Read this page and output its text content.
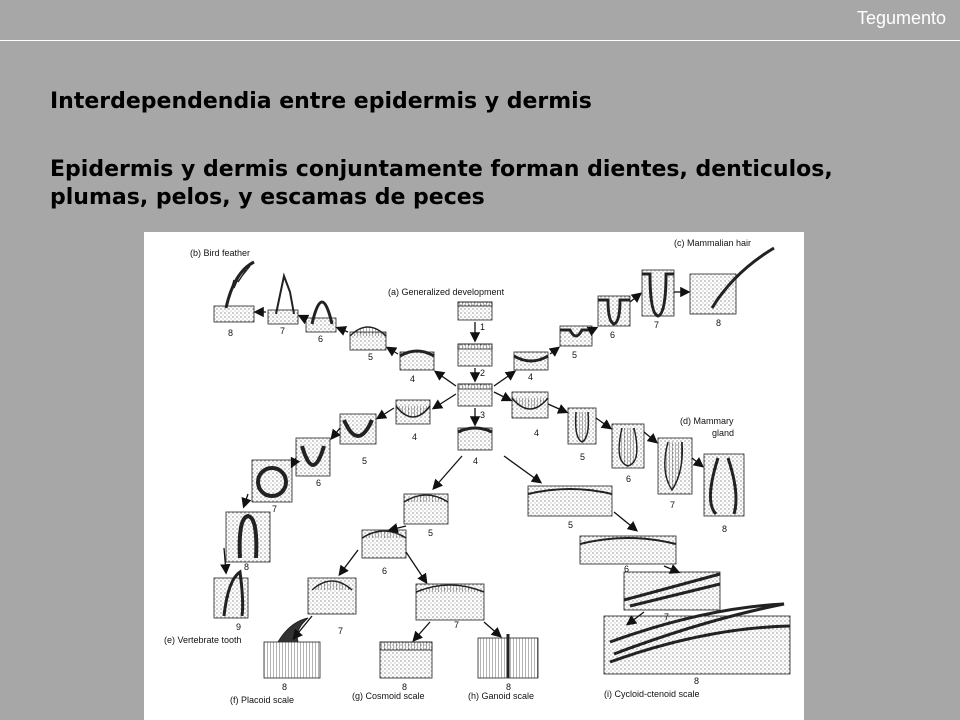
Tegumento
Interdependendia entre epidermis y dermis
Epidermis y dermis conjuntamente forman dientes, denticulos, plumas, pelos, y escamas de peces
(a) Generalized development
(b) Bird feather
(c) Mammalian hair
(d) Mammary
gland
(e) Vertebrate tooth
(f) Placoid scale	(g) Cosmoid scale	(h) Ganoid scale	(i) Cycloid-ctenoid scale
1
2
3
4
4
5
6
7
8
4
5
6
7	8
4
5
6
7
8
4
5
6
7
8
9
5
6
7
8
7
8	8
5
6
7
8
